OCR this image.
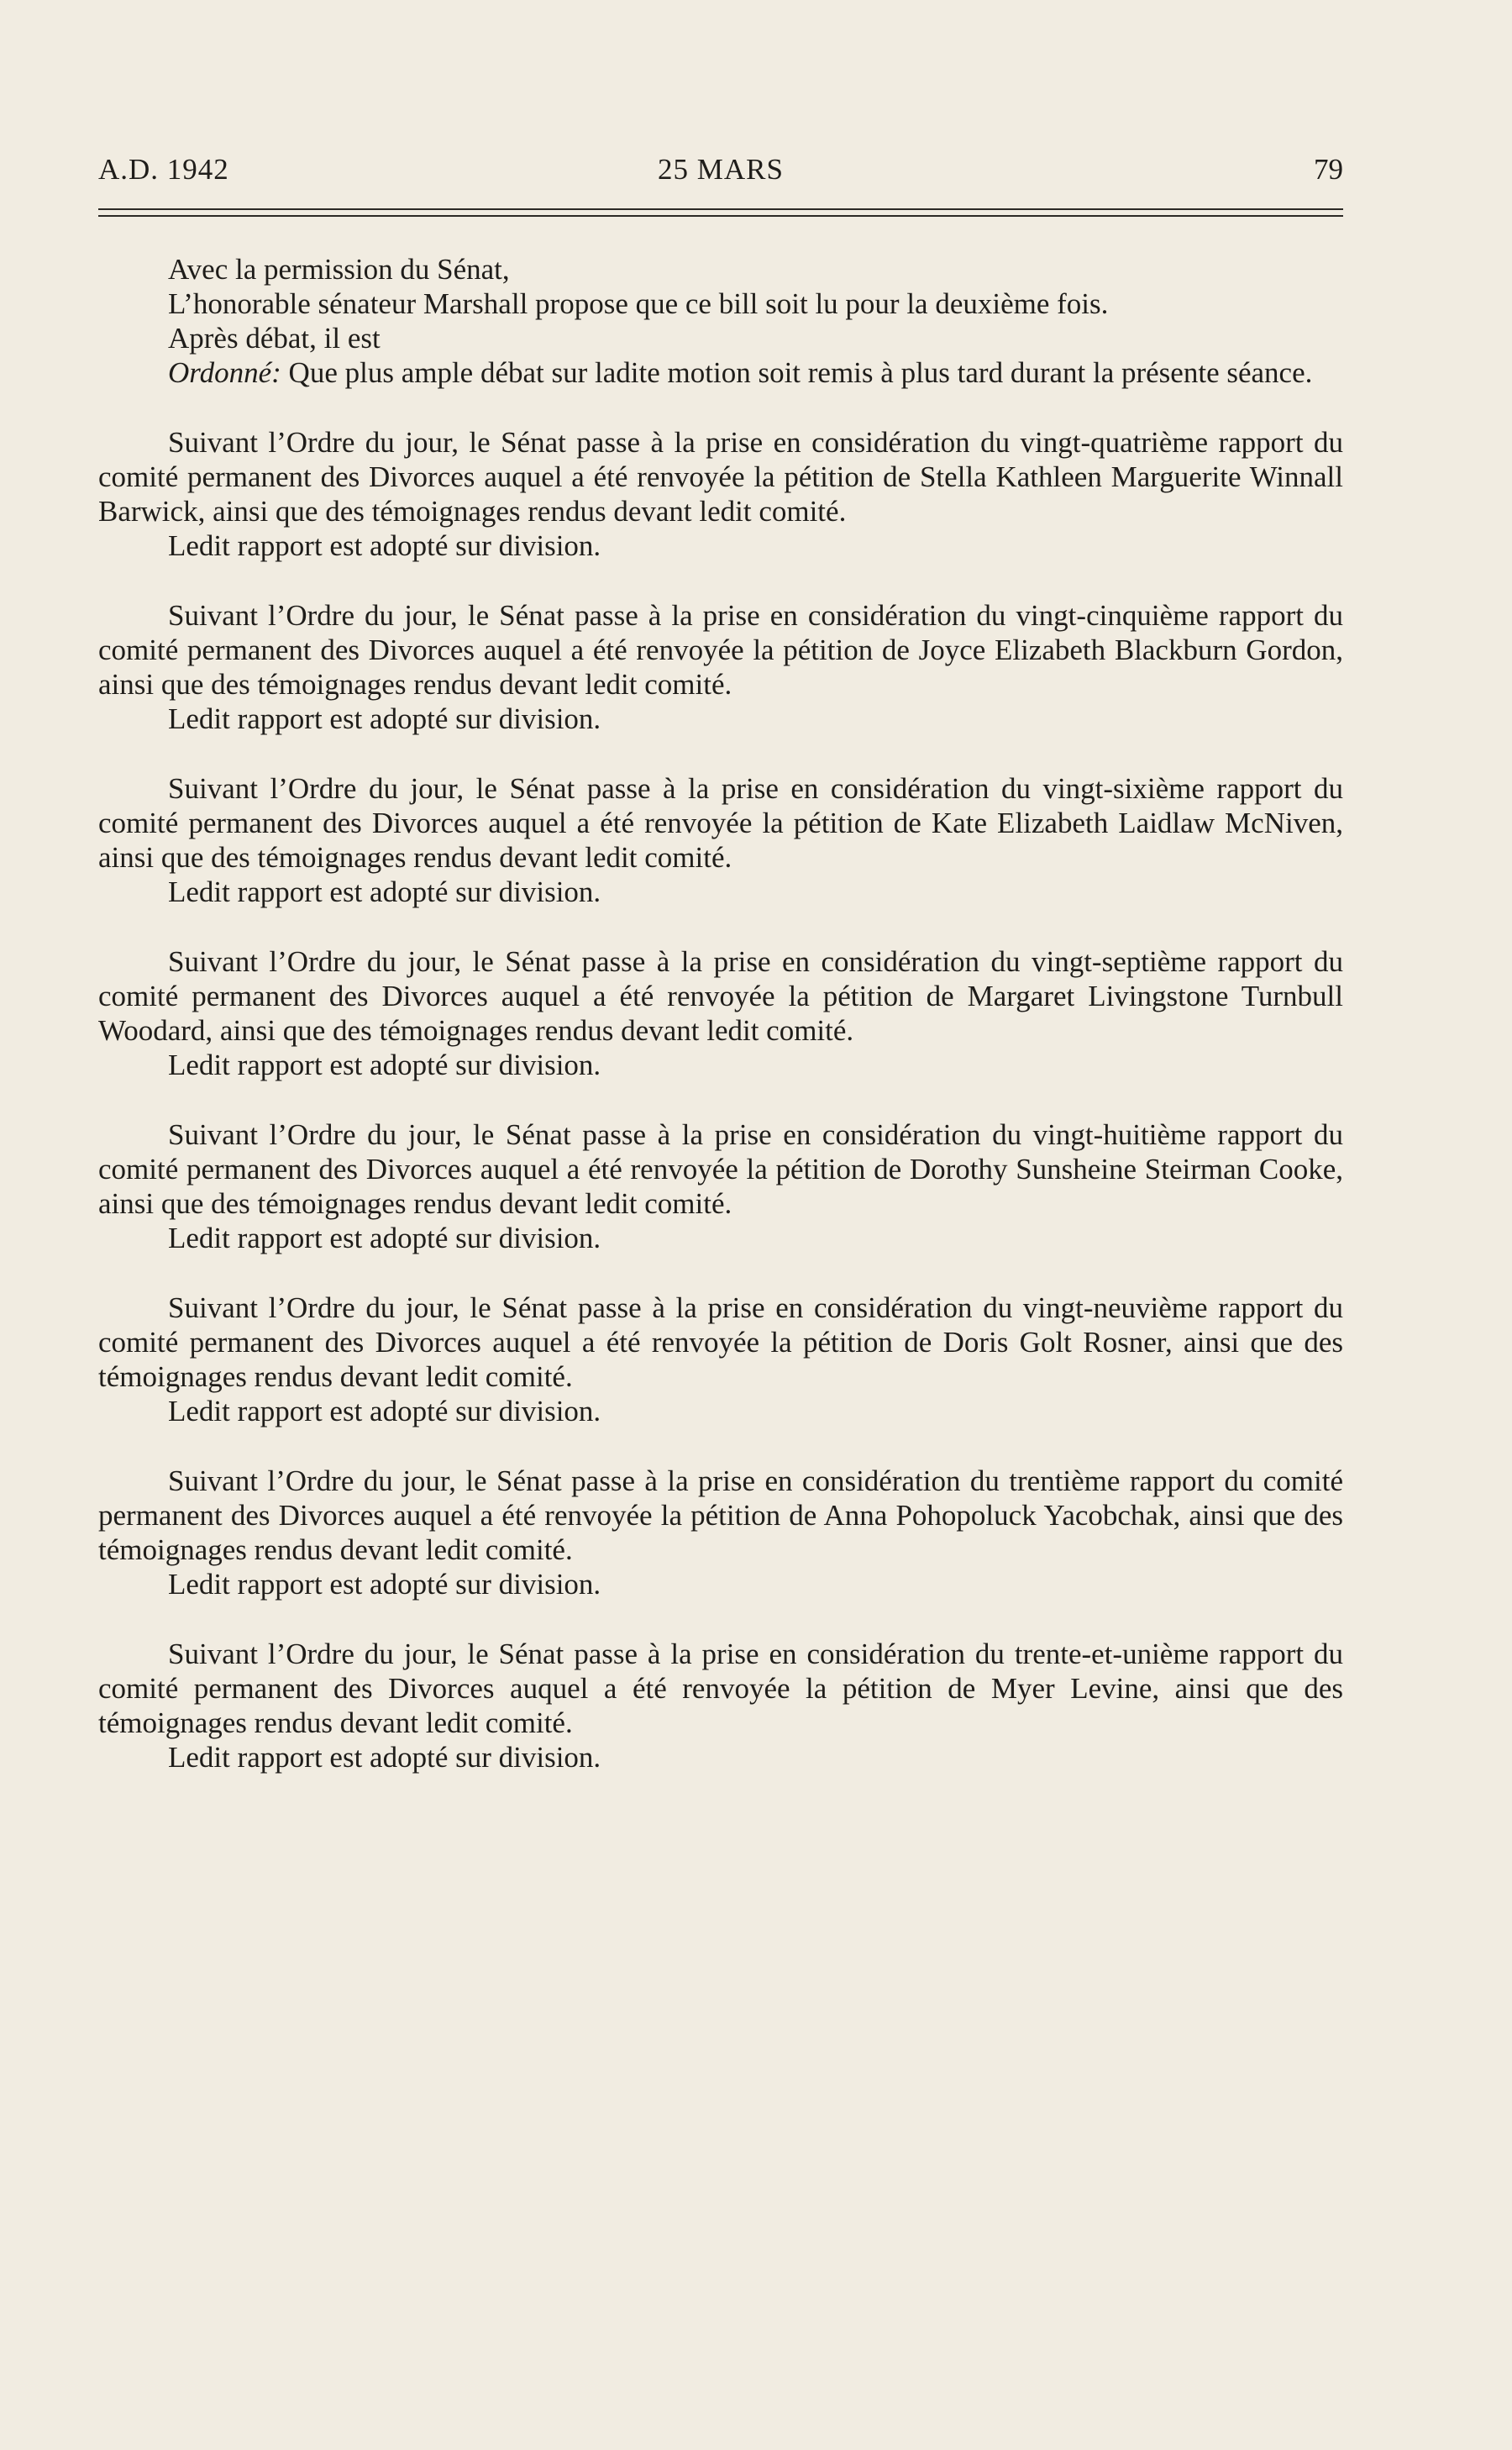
A.D. 1942	25 MARS	79

Avec la permission du Sénat,

L’honorable sénateur Marshall propose que ce bill soit lu pour la deuxième fois.

Après débat, il est

Ordonné: Que plus ample débat sur ladite motion soit remis à plus tard durant la présente séance.

Suivant l’Ordre du jour, le Sénat passe à la prise en considération du vingt-quatrième rapport du comité permanent des Divorces auquel a été renvoyée la pétition de Stella Kathleen Marguerite Winnall Barwick, ainsi que des témoignages rendus devant ledit comité.

Ledit rapport est adopté sur division.

Suivant l’Ordre du jour, le Sénat passe à la prise en considération du vingt-cinquième rapport du comité permanent des Divorces auquel a été renvoyée la pétition de Joyce Elizabeth Blackburn Gordon, ainsi que des témoignages rendus devant ledit comité.

Ledit rapport est adopté sur division.

Suivant l’Ordre du jour, le Sénat passe à la prise en considération du vingt-sixième rapport du comité permanent des Divorces auquel a été renvoyée la pétition de Kate Elizabeth Laidlaw McNiven, ainsi que des témoignages rendus devant ledit comité.

Ledit rapport est adopté sur division.

Suivant l’Ordre du jour, le Sénat passe à la prise en considération du vingt-septième rapport du comité permanent des Divorces auquel a été renvoyée la pétition de Margaret Livingstone Turnbull Woodard, ainsi que des témoignages rendus devant ledit comité.

Ledit rapport est adopté sur division.

Suivant l’Ordre du jour, le Sénat passe à la prise en considération du vingt-huitième rapport du comité permanent des Divorces auquel a été renvoyée la pétition de Dorothy Sunsheine Steirman Cooke, ainsi que des témoignages rendus devant ledit comité.

Ledit rapport est adopté sur division.

Suivant l’Ordre du jour, le Sénat passe à la prise en considération du vingt-neuvième rapport du comité permanent des Divorces auquel a été renvoyée la pétition de Doris Golt Rosner, ainsi que des témoignages rendus devant ledit comité.

Ledit rapport est adopté sur division.

Suivant l’Ordre du jour, le Sénat passe à la prise en considération du trentième rapport du comité permanent des Divorces auquel a été renvoyée la pétition de Anna Pohopoluck Yacobchak, ainsi que des témoignages rendus devant ledit comité.

Ledit rapport est adopté sur division.

Suivant l’Ordre du jour, le Sénat passe à la prise en considération du trente-et-unième rapport du comité permanent des Divorces auquel a été renvoyée la pétition de Myer Levine, ainsi que des témoignages rendus devant ledit comité.

Ledit rapport est adopté sur division.
